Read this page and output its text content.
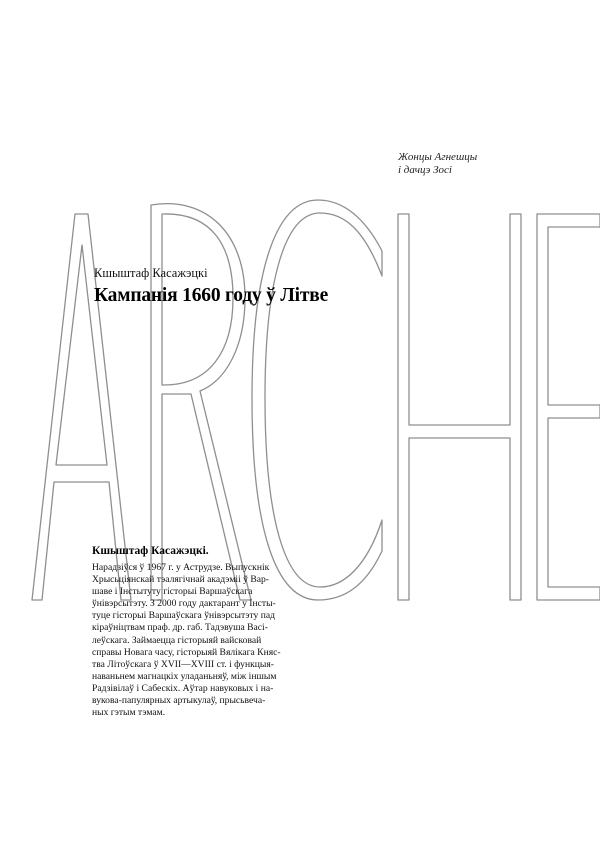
Жонцы Агнешцы
і дачцэ Зосі
Кшыштаф Касажэцкі
Кампанія 1660 году ў Літве
Кшыштаф Касажэцкі.
Нарадзіўся ў 1967 г. у Аструдзе. Выпускнік
Хрысьціянскай тэалягічнай акадэміі ў Вар-
шаве і Інстытуту гісторыі Варшаўскага
ўнівэрсытэту. З 2000 году дактарант у Інсты-
туце гісторыі Варшаўскага ўнівэрсытэту пад
кіраўніцтвам праф. др. габ. Тадэвуша Васі-
леўскага. Займаецца гісторыяй вайсковай
справы Новага часу, гісторыяй Вялікага Княс-
тва Літоўскага ў XVII—XVIII ст. і функцыя-
наваньнем магнацкіх уладаньняў, між іншым
Радзівілаў і Сабескіх. Аўтар навуковых і на-
вукова-папулярных артыкулаў, прысьвеча-
ных гэтым тэмам.
